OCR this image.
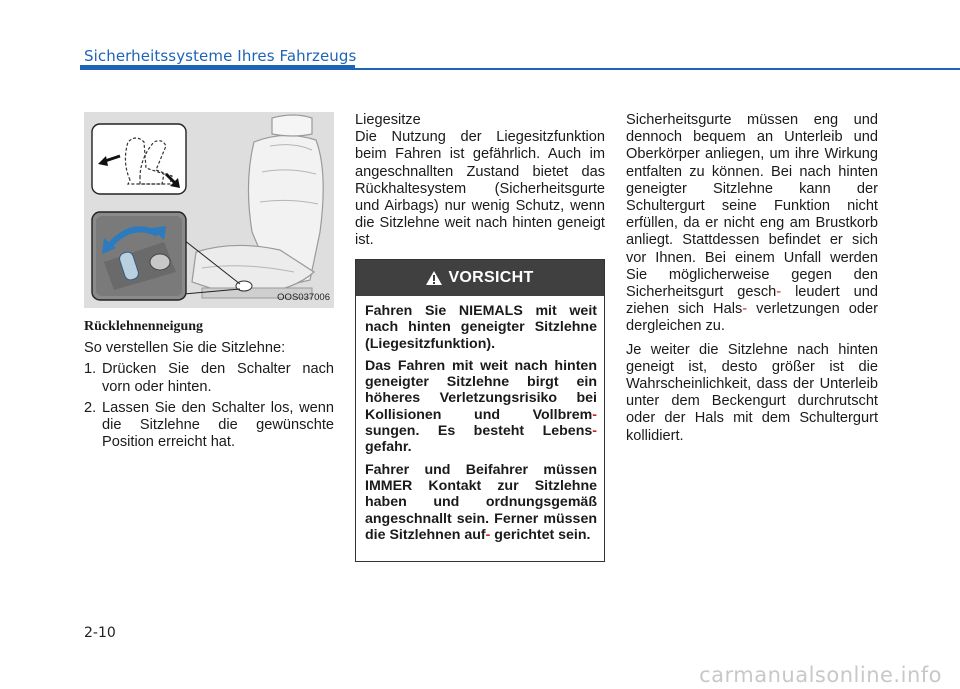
Sicherheitssysteme Ihres Fahrzeugs
OOS037006
Rücklehnenneigung

So verstellen Sie die Sitzlehne:

1. Drücken Sie den Schalter nach vorn oder hinten.
2. Lassen Sie den Schalter los, wenn die Sitzlehne die gewünschte Position erreicht hat.

Liegesitze

Die Nutzung der Liegesitzfunktion beim Fahren ist gefährlich. Auch im angeschnallten Zustand bietet das Rückhaltesystem (Sicherheitsgurte und Airbags) nur wenig Schutz, wenn die Sitzlehne weit nach hinten geneigt ist.

VORSICHT

Fahren Sie NIEMALS mit weit nach hinten geneigter Sitzlehne (Liegesitzfunktion).

Das Fahren mit weit nach hinten geneigter Sitzlehne birgt ein höheres Verletzungsrisiko bei Kollisionen und Vollbrem- sungen. Es besteht Lebens- gefahr.

Fahrer und Beifahrer müssen IMMER Kontakt zur Sitzlehne haben und ordnungsgemäß angeschnallt sein. Ferner müssen die Sitzlehnen auf- gerichtet sein.

Sicherheitsgurte müssen eng und dennoch bequem an Unterleib und Oberkörper anliegen, um ihre Wirkung entfalten zu können. Bei nach hinten geneigter Sitzlehne kann der Schultergurt seine Funktion nicht erfüllen, da er nicht eng am Brustkorb anliegt. Stattdessen befindet er sich vor Ihnen. Bei einem Unfall werden Sie möglicherweise gegen den Sicherheitsgurt gesch- leudert und ziehen sich Hals- verletzungen oder dergleichen zu.

Je weiter die Sitzlehne nach hinten geneigt ist, desto größer ist die Wahrscheinlichkeit, dass der Unterleib unter dem Beckengurt durchrutscht oder der Hals mit dem Schultergurt kollidiert.

2-10
carmanualsonline.info
